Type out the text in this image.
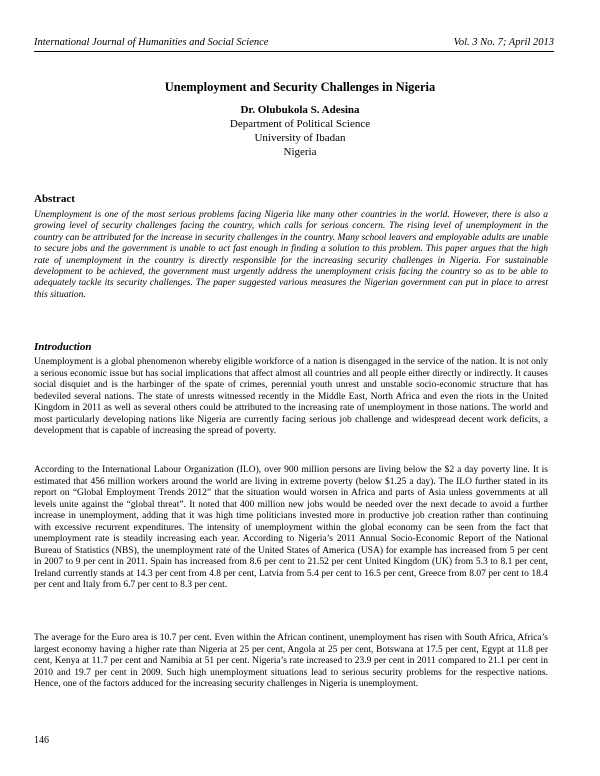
International Journal of Humanities and Social Science	Vol. 3 No. 7; April 2013
Unemployment and Security Challenges in Nigeria
Dr. Olubukola S. Adesina
Department of Political Science
University of Ibadan
Nigeria
Abstract

Unemployment is one of the most serious problems facing Nigeria like many other countries in the world. However, there is also a growing level of security challenges facing the country, which calls for serious concern. The rising level of unemployment in the country can be attributed for the increase in security challenges in the country. Many school leavers and employable adults are unable to secure jobs and the government is unable to act fast enough in finding a solution to this problem. This paper argues that the high rate of unemployment in the country is directly responsible for the increasing security challenges in Nigeria. For sustainable development to be achieved, the government must urgently address the unemployment crisis facing the country so as to be able to adequately tackle its security challenges. The paper suggested various measures the Nigerian government can put in place to arrest this situation.

Introduction

Unemployment is a global phenomenon whereby eligible workforce of a nation is disengaged in the service of the nation. It is not only a serious economic issue but has social implications that affect almost all countries and all people either directly or indirectly. It causes social disquiet and is the harbinger of the spate of crimes, perennial youth unrest and unstable socio-economic structure that has bedeviled several nations. The state of unrests witnessed recently in the Middle East, North Africa and even the riots in the United Kingdom in 2011 as well as several others could be attributed to the increasing rate of unemployment in those nations. The world and most particularly developing nations like Nigeria are currently facing serious job challenge and widespread decent work deficits, a development that is capable of increasing the spread of poverty.

According to the International Labour Organization (ILO), over 900 million persons are living below the $2 a day poverty line. It is estimated that 456 million workers around the world are living in extreme poverty (below $1.25 a day). The ILO further stated in its report on “Global Employment Trends 2012” that the situation would worsen in Africa and parts of Asia unless governments at all levels unite against the “global threat”. It noted that 400 million new jobs would be needed over the next decade to avoid a further increase in unemployment, adding that it was high time politicians invested more in productive job creation rather than continuing with excessive recurrent expenditures. The intensity of unemployment within the global economy can be seen from the fact that unemployment rate is steadily increasing each year. According to Nigeria’s 2011 Annual Socio-Economic Report of the National Bureau of Statistics (NBS), the unemployment rate of the United States of America (USA) for example has increased from 5 per cent in 2007 to 9 per cent in 2011. Spain has increased from 8.6 per cent to 21.52 per cent United Kingdom (UK) from 5.3 to 8.1 per cent, Ireland currently stands at 14.3 per cent from 4.8 per cent, Latvia from 5.4 per cent to 16.5 per cent, Greece from 8.07 per cent to 18.4 per cent and Italy from 6.7 per cent to 8.3 per cent.

The average for the Euro area is 10.7 per cent. Even within the African continent, unemployment has risen with South Africa, Africa’s largest economy having a higher rate than Nigeria at 25 per cent, Angola at 25 per cent, Botswana at 17.5 per cent, Egypt at 11.8 per cent, Kenya at 11.7 per cent and Namibia at 51 per cent. Nigeria’s rate increased to 23.9 per cent in 2011 compared to 21.1 per cent in 2010 and 19.7 per cent in 2009. Such high unemployment situations lead to serious security problems for the respective nations. Hence, one of the factors adduced for the increasing security challenges in Nigeria is unemployment.

146
